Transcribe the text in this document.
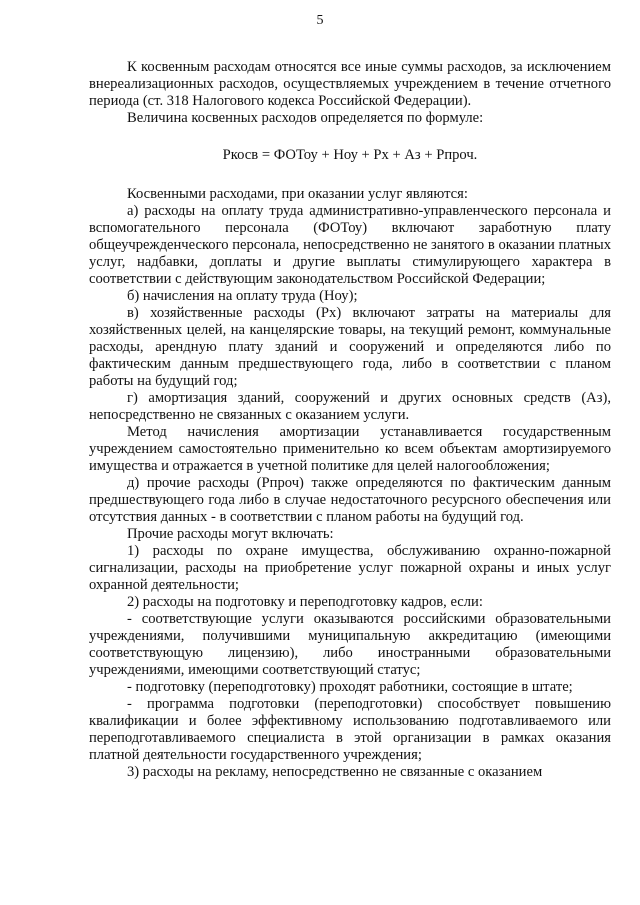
5

К косвенным расходам относятся все иные суммы расходов, за исключением внереализационных расходов, осуществляемых учреждением в течение отчетного периода (ст. 318 Налогового кодекса Российской Федерации).

Величина косвенных расходов определяется по формуле:

Ркосв = ФОТоу + Ноу + Рх + Аз + Рпроч.

Косвенными расходами, при оказании услуг являются:

а) расходы на оплату труда административно-управленческого персонала и вспомогательного персонала (ФОТоу) включают заработную плату общеучрежденческого персонала, непосредственно не занятого в оказании платных услуг, надбавки, доплаты и другие выплаты стимулирующего характера в соответствии с действующим законодательством Российской Федерации;

б) начисления на оплату труда (Ноу);

в) хозяйственные расходы (Рх) включают затраты на материалы для хозяйственных целей, на канцелярские товары, на текущий ремонт, коммунальные расходы, арендную плату зданий и сооружений и определяются либо по фактическим данным предшествующего года, либо в соответствии с планом работы на будущий год;

г) амортизация зданий, сооружений и других основных средств (Аз), непосредственно не связанных с оказанием услуги.

Метод начисления амортизации устанавливается государственным учреждением самостоятельно применительно ко всем объектам амортизируемого имущества и отражается в учетной политике для целей налогообложения;

д) прочие расходы (Рпроч) также определяются по фактическим данным предшествующего года либо в случае недостаточного ресурсного обеспечения или отсутствия данных - в соответствии с планом работы на будущий год.

Прочие расходы могут включать:

1) расходы по охране имущества, обслуживанию охранно-пожарной сигнализации, расходы на приобретение услуг пожарной охраны и иных услуг охранной деятельности;

2) расходы на подготовку и переподготовку кадров, если:

- соответствующие услуги оказываются российскими образовательными учреждениями, получившими муниципальную аккредитацию (имеющими соответствующую лицензию), либо иностранными образовательными учреждениями, имеющими соответствующий статус;

- подготовку (переподготовку) проходят работники, состоящие в штате;

- программа подготовки (переподготовки) способствует повышению квалификации и более эффективному использованию подготавливаемого или переподготавливаемого специалиста в этой организации в рамках оказания платной деятельности государственного учреждения;

3) расходы на рекламу, непосредственно не связанные с оказанием
